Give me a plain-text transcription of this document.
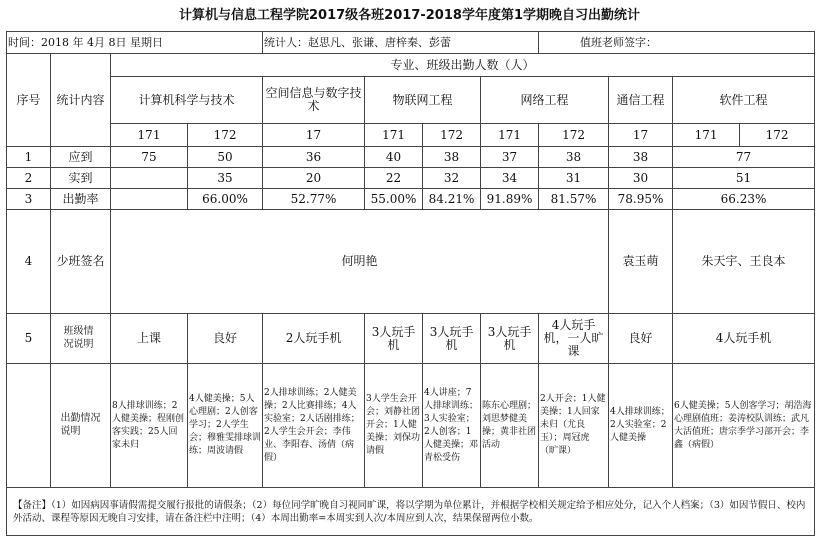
计算机与信息工程学院2017级各班2017-2018学年度第1学期晚自习出勤统计
时间：2018 年 4月 8日 星期日				统计人：赵思凡、张谦、唐梓秦、彭蕾				值班老师签字：			
序号	统计内容	专业、班级出勤人数（人）									
		计算机科学与技术		空间信息与数字技术	物联网工程		网络工程		通信工程	软件工程	
		171	172	17	171	172	171	172	17	171	172
1	应到	75	50	36	40	38	37	38	38	77	
2	实到		35	20	22	32	34	31	30	51	
3	出勤率		66.00%	52.77%	55.00%	84.21%	91.89%	81.57%	78.95%	66.23%	
4	少班签名	何明艳							袁玉萌	朱天宇、王良本	
5	班级情况说明	上课	良好	2人玩手机	3人玩手机	3人玩手机	3人玩手机	4人玩手机，一人旷课	良好	4人玩手机	
	出勤情况说明	8人排球训练；2人健美操；程刚创客实践；25人回家未归	4人健美操；5人心理剧；2人创客学习；2人学生会；穆雅雯排球训练；周波请假	2人排球训练；2人健美操；2人比赛排练；4人实验室；2人话剧排练；2人学生会开会；李伟业、李阳春、汤倩（病假）	3人学生会开会；刘静社团开会；1人健美操；刘保功请假	4人讲座；7人排球训练；3人实验室；2人创客；1人健美操；邓青松受伤	陈东心理剧；刘思梦健美操；黄非社团活动	2人开会；1人健美操；1人回家未归（尤良玉）；周冠虎（旷课）	4人排球训练；2人实验室；2人健美操	6人健美操；5人创客学习；胡浩海心理剧值班；姜涛校队训练；武凡大活值班；唐宗季学习部开会；李鑫（病假）	
【备注】（1）如因病因事请假需提交履行报批的请假条；（2）每位同学旷晚自习视同旷课，将以学期为单位累计，并根据学校相关规定给予相应处分，记入个人档案；（3）如因节假日、校内外活动、课程等原因无晚自习安排，请在备注栏中注明；（4）本周出勤率=本周实到人次/本周应到人次，结果保留两位小数。											
